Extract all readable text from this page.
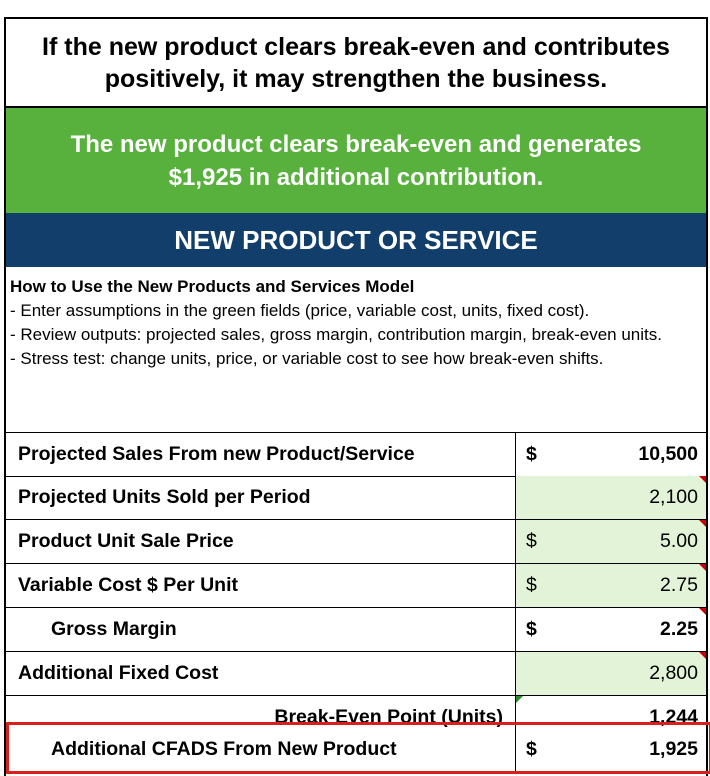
If the new product clears break-even and contributes positively, it may strengthen the business.
The new product clears break-even and generates $1,925 in additional contribution.
NEW PRODUCT OR SERVICE
How to Use the New Products and Services Model
- Enter assumptions in the green fields (price, variable cost, units, fixed cost).
- Review outputs: projected sales, gross margin, contribution margin, break-even units.
- Stress test: change units, price, or variable cost to see how break-even shifts.
Projected Sales From new Product/Service	$	10,500
Projected Units Sold per Period	2,100
Product Unit Sale Price	$	5.00
Variable Cost $ Per Unit	$	2.75
Gross Margin	$	2.25
Additional Fixed Cost	2,800
Break-Even Point (Units)	1,244
Additional CFADS From New Product	$	1,925
